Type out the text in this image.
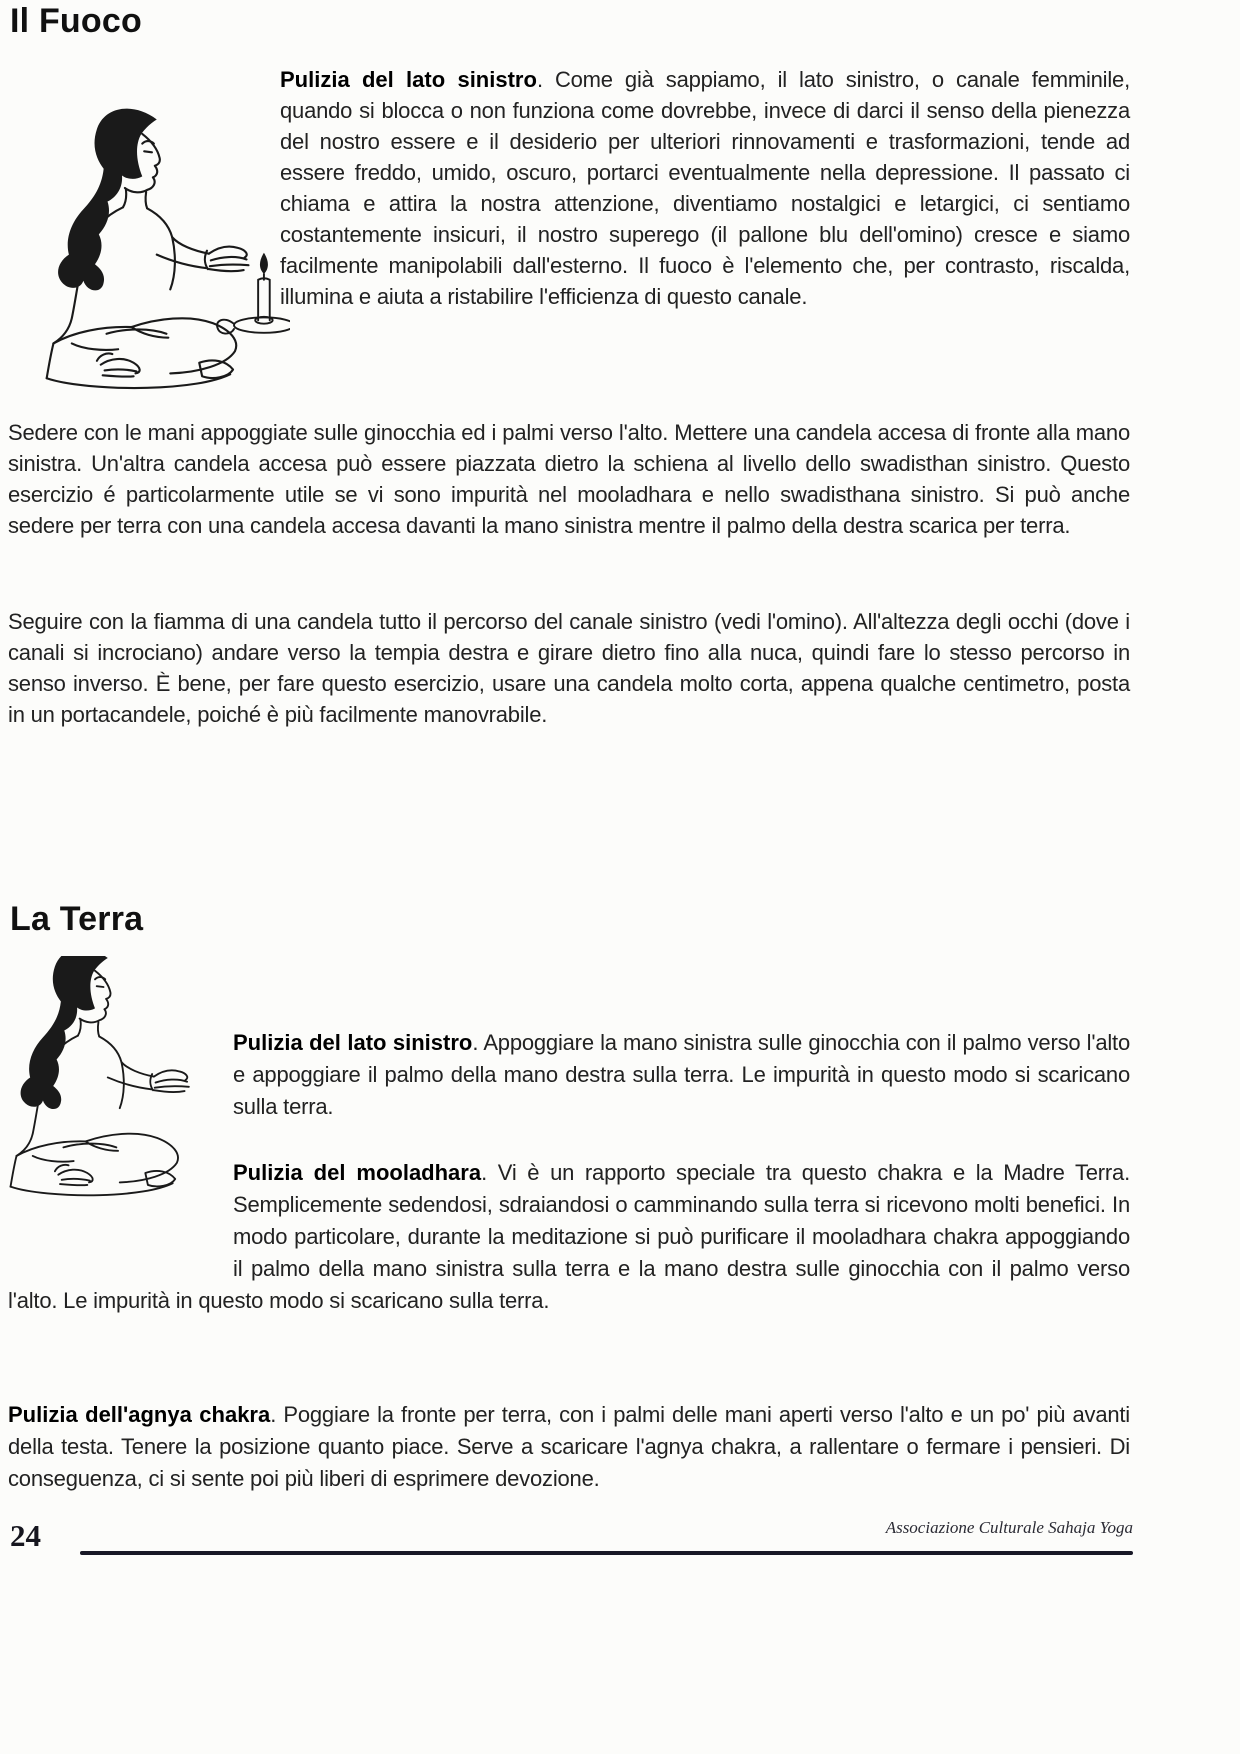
Il Fuoco

Pulizia del lato sinistro. Come già sappiamo, il lato sinistro, o canale femminile, quando si blocca o non funziona come dovrebbe, invece di darci il senso della pienezza del nostro essere e il desiderio per ulteriori rinnovamenti e trasformazioni, tende ad essere freddo, umido, oscuro, portarci eventualmente nella depressione. Il passato ci chiama e attira la nostra attenzione, diventiamo nostalgici e letargici, ci sentiamo costantemente insicuri, il nostro superego (il pallone blu dell'omino) cresce e siamo facilmente manipolabili dall'esterno. Il fuoco è l'elemento che, per contrasto, riscalda, illumina e aiuta a ristabilire l'efficienza di questo canale.

Sedere con le mani appoggiate sulle ginocchia ed i palmi verso l'alto. Mettere una candela accesa di fronte alla mano sinistra. Un'altra candela accesa può essere piazzata dietro la schiena al livello dello swadisthan sinistro. Questo esercizio é particolarmente utile se vi sono impurità nel mooladhara e nello swadisthana sinistro. Si può anche sedere per terra con una candela accesa davanti la mano sinistra mentre il palmo della destra scarica per terra.

Seguire con la fiamma di una candela tutto il percorso del canale sinistro (vedi l'omino). All'altezza degli occhi (dove i canali si incrociano) andare verso la tempia destra e girare dietro fino alla nuca, quindi fare lo stesso percorso in senso inverso. È bene, per fare questo esercizio, usare una candela molto corta, appena qualche centimetro, posta in un portacandele, poiché è più facilmente manovrabile.

La Terra

Pulizia del lato sinistro. Appoggiare la mano sinistra sulle ginocchia con il palmo verso l'alto e appoggiare il palmo della mano destra sulla terra. Le impurità in questo modo si scaricano sulla terra.

Pulizia del mooladhara. Vi è un rapporto speciale tra questo chakra e la Madre Terra. Semplicemente sedendosi, sdraiandosi o camminando sulla terra si ricevono molti benefici. In modo particolare, durante la meditazione si può purificare il mooladhara chakra appoggiando il palmo della mano sinistra sulla terra e la mano destra sulle ginocchia con il palmo verso l'alto. Le impurità in questo modo si scaricano sulla terra.

Pulizia dell'agnya chakra. Poggiare la fronte per terra, con i palmi delle mani aperti verso l'alto e un po' più avanti della testa. Tenere la posizione quanto piace. Serve a scaricare l'agnya chakra, a rallentare o fermare i pensieri. Di conseguenza, ci si sente poi più liberi di esprimere devozione.

24	Associazione Culturale Sahaja Yoga
